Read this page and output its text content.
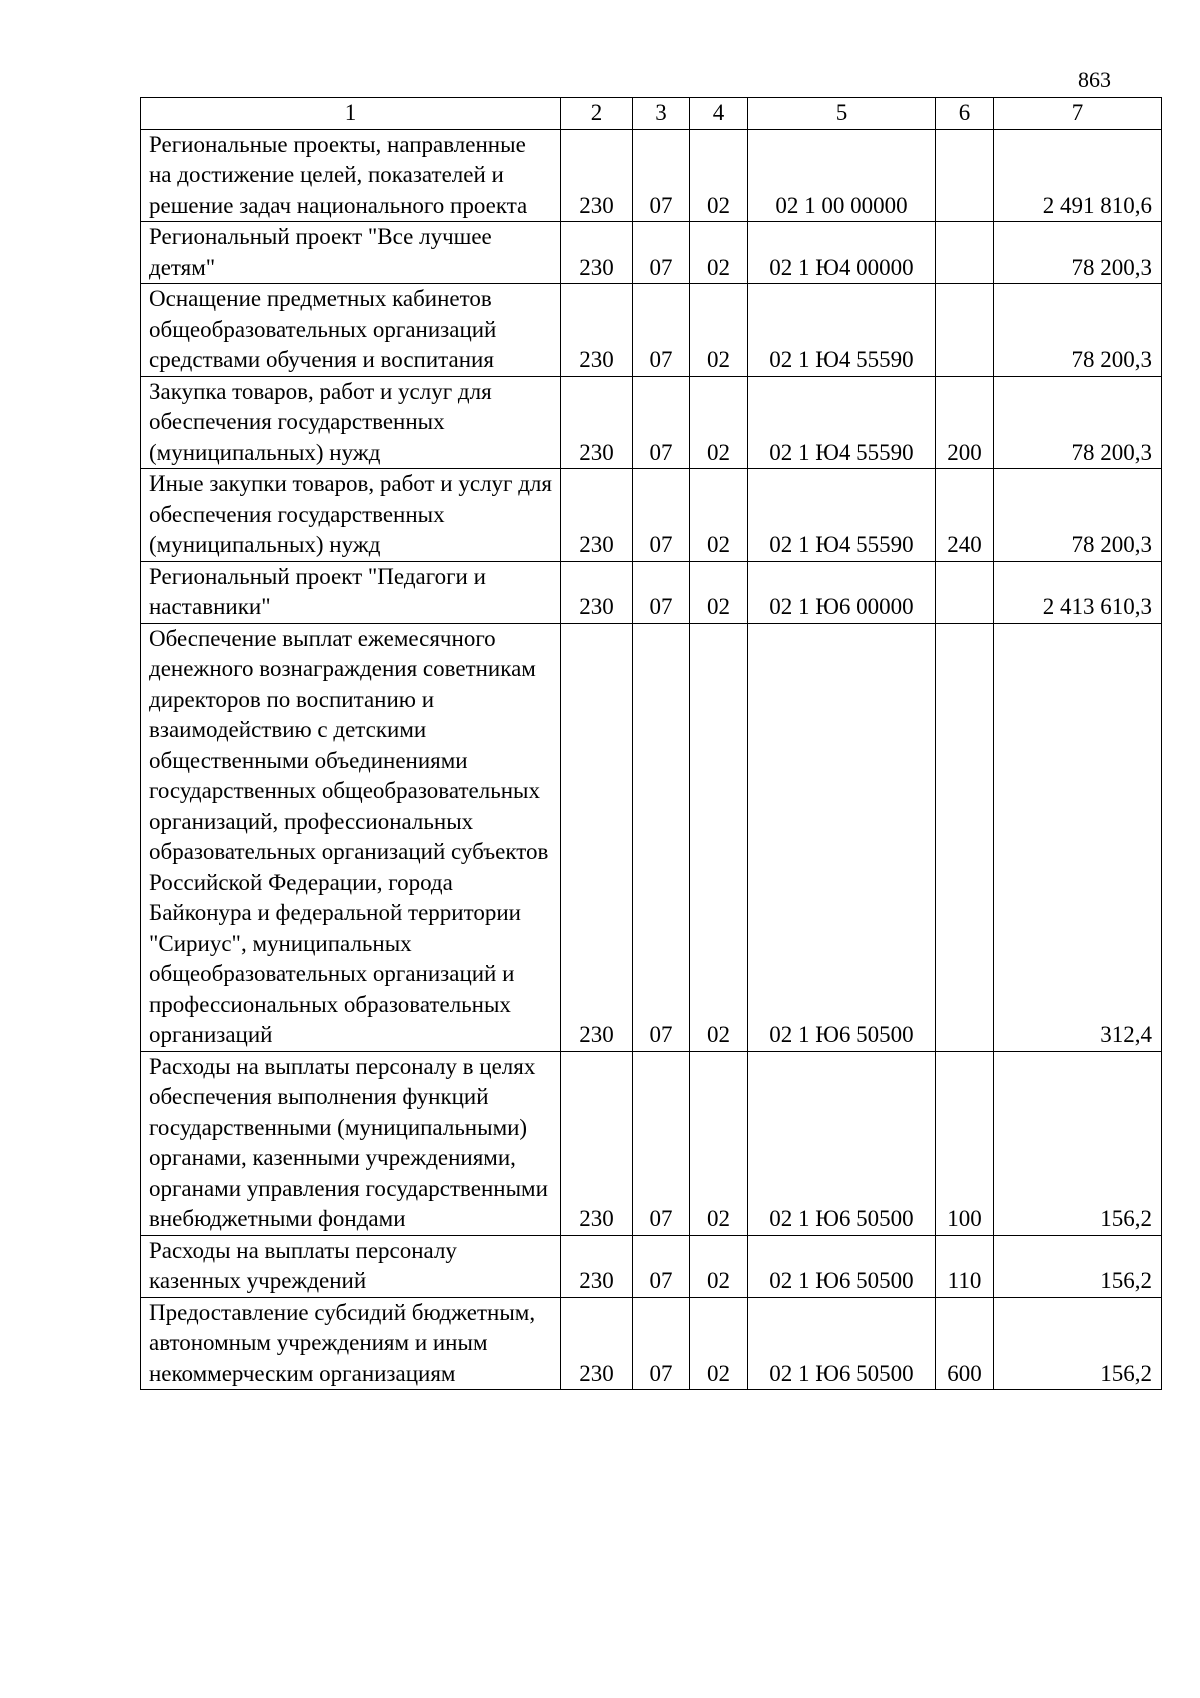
863
1	2	3	4	5	6	7
Региональные проекты, направленные на достижение целей, показателей и решение задач национального проекта	230	07	02	02 1 00 00000		2 491 810,6
Региональный проект "Все лучшее детям"	230	07	02	02 1 Ю4 00000		78 200,3
Оснащение предметных кабинетов общеобразовательных организаций средствами обучения и воспитания	230	07	02	02 1 Ю4 55590		78 200,3
Закупка товаров, работ и услуг для обеспечения государственных (муниципальных) нужд	230	07	02	02 1 Ю4 55590	200	78 200,3
Иные закупки товаров, работ и услуг для обеспечения государственных (муниципальных) нужд	230	07	02	02 1 Ю4 55590	240	78 200,3
Региональный проект "Педагоги и наставники"	230	07	02	02 1 Ю6 00000		2 413 610,3
Обеспечение выплат ежемесячного денежного вознаграждения советникам директоров по воспитанию и взаимодействию с детскими общественными объединениями государственных общеобразовательных организаций, профессиональных образовательных организаций субъектов Российской Федерации, города Байконура и федеральной территории "Сириус", муниципальных общеобразовательных организаций и профессиональных образовательных организаций	230	07	02	02 1 Ю6 50500		312,4
Расходы на выплаты персоналу в целях обеспечения выполнения функций государственными (муниципальными) органами, казенными учреждениями, органами управления государственными внебюджетными фондами	230	07	02	02 1 Ю6 50500	100	156,2
Расходы на выплаты персоналу казенных учреждений	230	07	02	02 1 Ю6 50500	110	156,2
Предоставление субсидий бюджетным, автономным учреждениям и иным некоммерческим организациям	230	07	02	02 1 Ю6 50500	600	156,2
